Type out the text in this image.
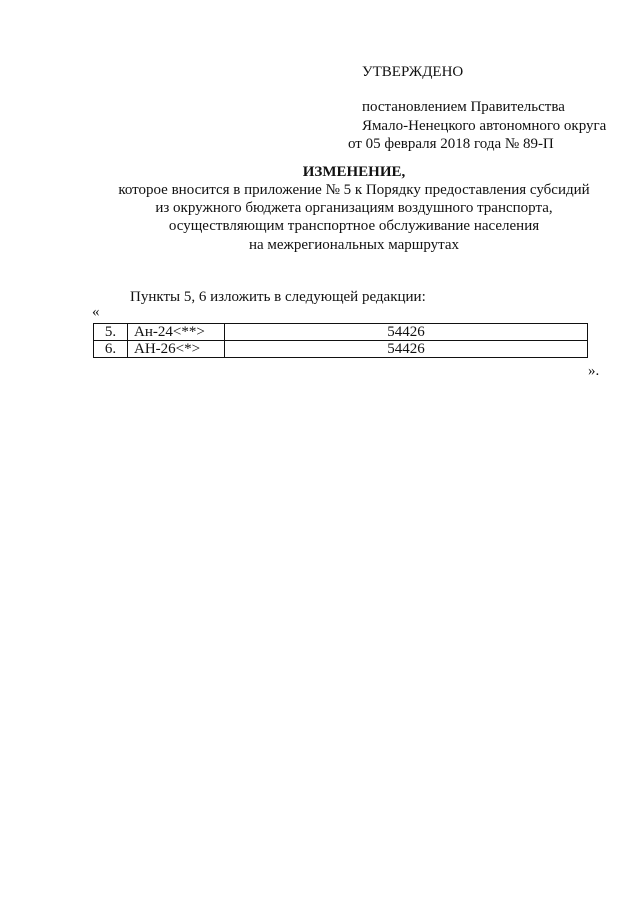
УТВЕРЖДЕНО
постановлением Правительства
Ямало-Ненецкого автономного округа
от 05 февраля 2018 года № 89-П
ИЗМЕНЕНИЕ,
которое вносится в приложение № 5 к Порядку предоставления субсидий
из окружного бюджета организациям воздушного транспорта,
осуществляющим транспортное обслуживание населения
на межрегиональных маршрутах
Пункты 5, 6 изложить в следующей редакции:
«
5.	Ан-24<**>	54426
6.	АН-26<*>	54426
».
